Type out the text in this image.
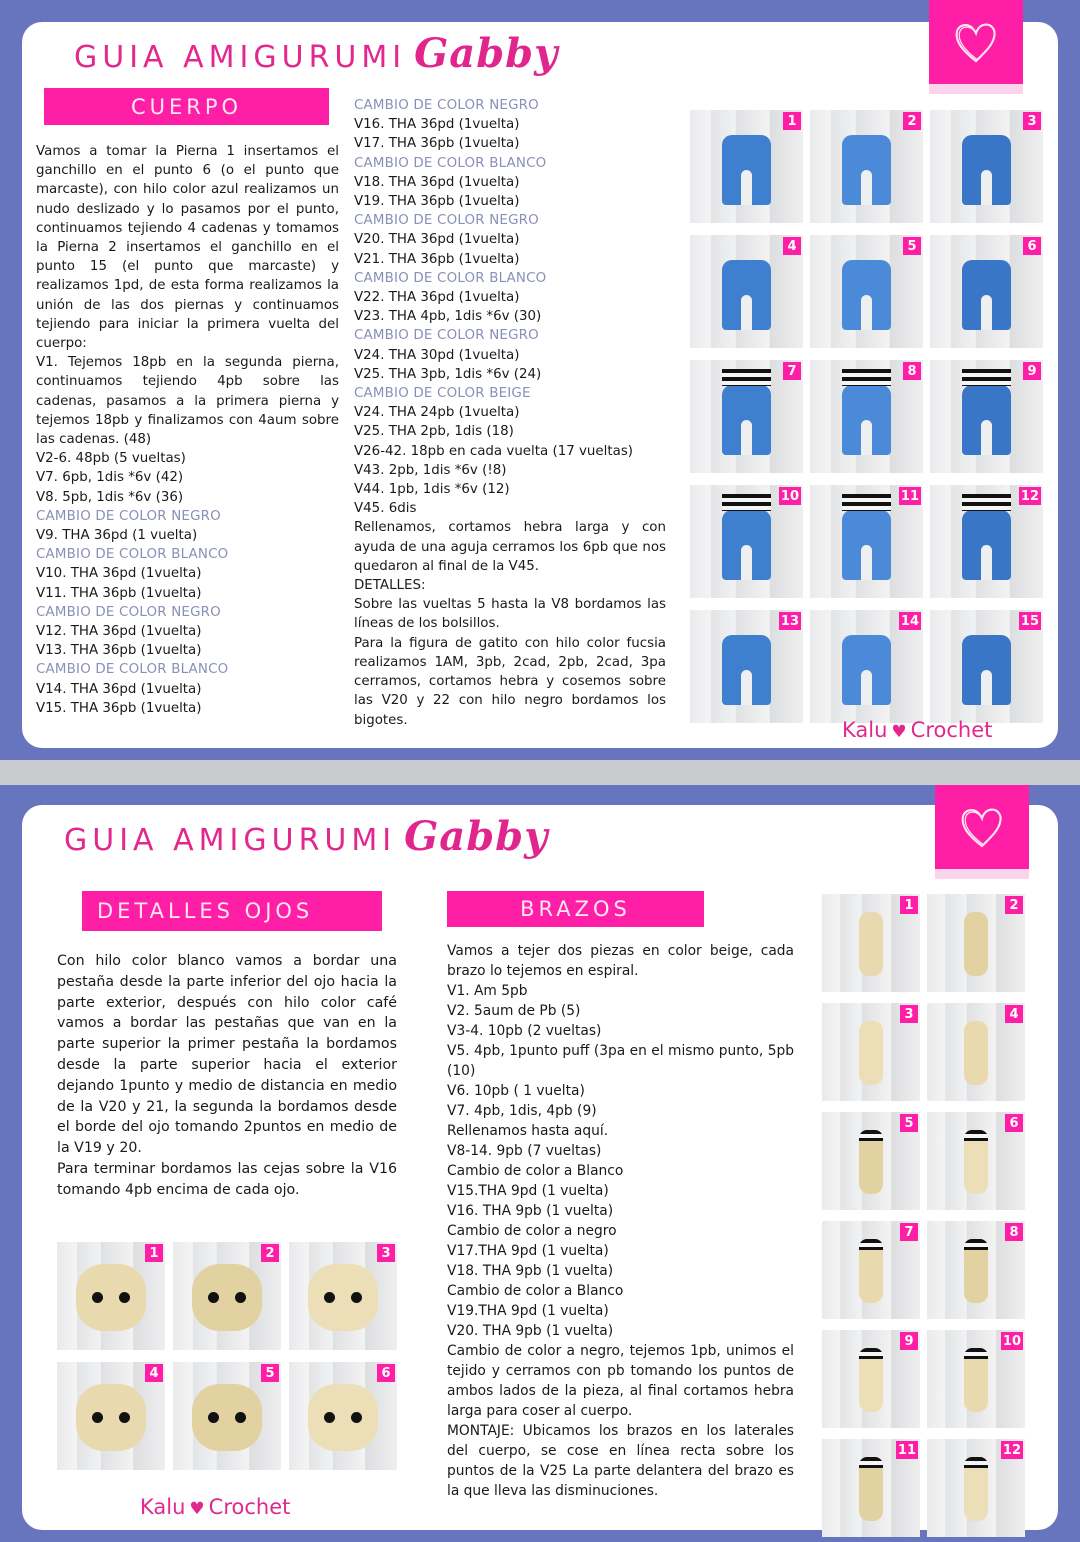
GUIA AMIGURUMI Gabby
CUERPO

Vamos a tomar la Pierna 1 insertamos el ganchillo en el punto 6 (o el punto que marcaste), con hilo color azul realizamos un nudo deslizado y lo pasamos por el punto, continuamos tejiendo 4 cadenas y tomamos la Pierna 2 insertamos el ganchillo en el punto 15 (el punto que marcaste) y realizamos 1pd, de esta forma realizamos la unión de las dos piernas y continuamos tejiendo para iniciar la primera vuelta del cuerpo:

V1. Tejemos 18pb en la segunda pierna, continuamos tejiendo 4pb sobre las cadenas, pasamos a la primera pierna y tejemos 18pb y finalizamos con 4aum sobre las cadenas. (48)

V2-6. 48pb (5 vueltas)
V7. 6pb, 1dis *6v (42)
V8. 5pb, 1dis *6v (36)
CAMBIO DE COLOR NEGRO
V9. THA 36pd (1 vuelta)
CAMBIO DE COLOR BLANCO
V10. THA 36pd (1vuelta)
V11. THA 36pb (1vuelta)
CAMBIO DE COLOR NEGRO
V12. THA 36pd (1vuelta)
V13. THA 36pb (1vuelta)
CAMBIO DE COLOR BLANCO
V14. THA 36pd (1vuelta)
V15. THA 36pb (1vuelta)
CAMBIO DE COLOR NEGRO
V16. THA 36pd (1vuelta)
V17. THA 36pb (1vuelta)
CAMBIO DE COLOR BLANCO
V18. THA 36pd (1vuelta)
V19. THA 36pb (1vuelta)
CAMBIO DE COLOR NEGRO
V20. THA 36pd (1vuelta)
V21. THA 36pb (1vuelta)
CAMBIO DE COLOR BLANCO
V22. THA 36pd (1vuelta)
V23. THA 4pb, 1dis *6v (30)
CAMBIO DE COLOR NEGRO
V24. THA 30pd (1vuelta)
V25. THA 3pb, 1dis *6v (24)
CAMBIO DE COLOR BEIGE
V24. THA 24pb (1vuelta)
V25. THA 2pb, 1dis (18)
V26-42. 18pb en cada vuelta (17 vueltas)
V43. 2pb, 1dis *6v (!8)
V44. 1pb, 1dis *6v (12)
V45. 6dis

Rellenamos, cortamos hebra larga y con ayuda de una aguja cerramos los 6pb que nos quedaron al final de la V45.

DETALLES:

Sobre las vueltas 5 hasta la V8 bordamos las líneas de los bolsillos.

Para la figura de gatito con hilo color fucsia realizamos 1AM, 3pb, 2cad, 2pb, 2cad, 3pa cerramos, cortamos hebra y cosemos sobre las V20 y 22 con hilo negro bordamos los bigotes.

1	2	3
4	5	6
7	8	9
10	11	12
13	14	15
Kalu ♥ Crochet
GUIA AMIGURUMI Gabby
DETALLES OJOS

Con hilo color blanco vamos a bordar una pestaña desde la parte inferior del ojo hacia la parte exterior, después con hilo color café vamos a bordar las pestañas que van en la parte superior la primer pestaña la bordamos desde la parte superior hacia el exterior dejando 1punto y medio de distancia en medio de la V20 y 21, la segunda la bordamos desde el borde del ojo tomando 2puntos en medio de la V19 y 20.

Para terminar bordamos las cejas sobre la V16 tomando 4pb encima de cada ojo.

1	2	3
4	5	6
Kalu ♥ Crochet
BRAZOS

Vamos a tejer dos piezas en color beige, cada brazo lo tejemos en espiral.

V1. Am 5pb
V2. 5aum de Pb (5)
V3-4. 10pb (2 vueltas)

V5. 4pb, 1punto puff (3pa en el mismo punto, 5pb (10)

V6. 10pb ( 1 vuelta)
V7. 4pb, 1dis, 4pb (9)
Rellenamos hasta aquí.
V8-14. 9pb (7 vueltas)
Cambio de color a Blanco
V15.THA 9pd (1 vuelta)
V16. THA 9pb (1 vuelta)
Cambio de color a negro
V17.THA 9pd (1 vuelta)
V18. THA 9pb (1 vuelta)
Cambio de color a Blanco
V19.THA 9pd (1 vuelta)
V20. THA 9pb (1 vuelta)

Cambio de color a negro, tejemos 1pb, unimos el tejido y cerramos con pb tomando los puntos de ambos lados de la pieza, al final cortamos hebra larga para coser al cuerpo.

MONTAJE: Ubicamos los brazos en los laterales del cuerpo, se cose en línea recta sobre los puntos de la V25 La parte delantera del brazo es la que lleva las disminuciones.

1	2
3	4
5	6
7	8
9	10
11	12
